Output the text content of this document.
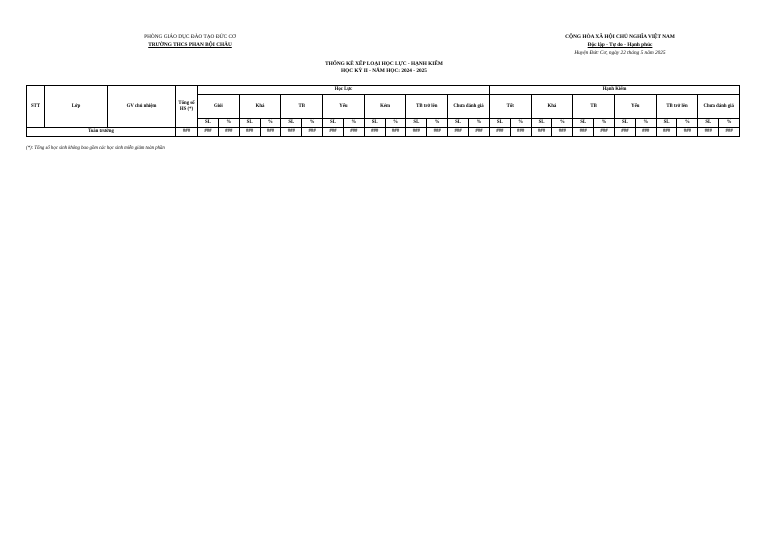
PHÒNG GIÁO DỤC ĐÀO TẠO ĐỨC CƠ
TRƯỜNG THCS PHAN BỘI CHÂU
CỘNG HÒA XÃ HỘI CHỦ NGHĨA VIỆT NAM
Độc lập - Tự do - Hạnh phúc
Huyện Đức Cơ, ngày 22 tháng 5 năm 2025
THỐNG KÊ XẾP LOẠI HỌC LỰC - HẠNH KIỂM
HỌC KỲ II - NĂM HỌC: 2024 - 2025
STT	Lớp	GV chủ nhiệm	Tổng số HS (*)	Học Lực														Hạnh Kiểm											
				Giỏi		Khá		TB		Yếu		Kém		TB trở lên		Chưa đánh giá		Tốt		Khá		TB		Yếu		TB trở lên		Chưa đánh giá	
				SL	%	SL	%	SL	%	SL	%	SL	%	SL	%	SL	%	SL	%	SL	%	SL	%	SL	%	SL	%	SL	%
Toàn trường			###	###	###	###	###	###	###	###	###	###	###	###	###	###	###	###	###	###	###	###	###	###	###	###	###	###	###
(*): Tổng số học sinh không bao gồm các học sinh miễn giảm toàn phần
